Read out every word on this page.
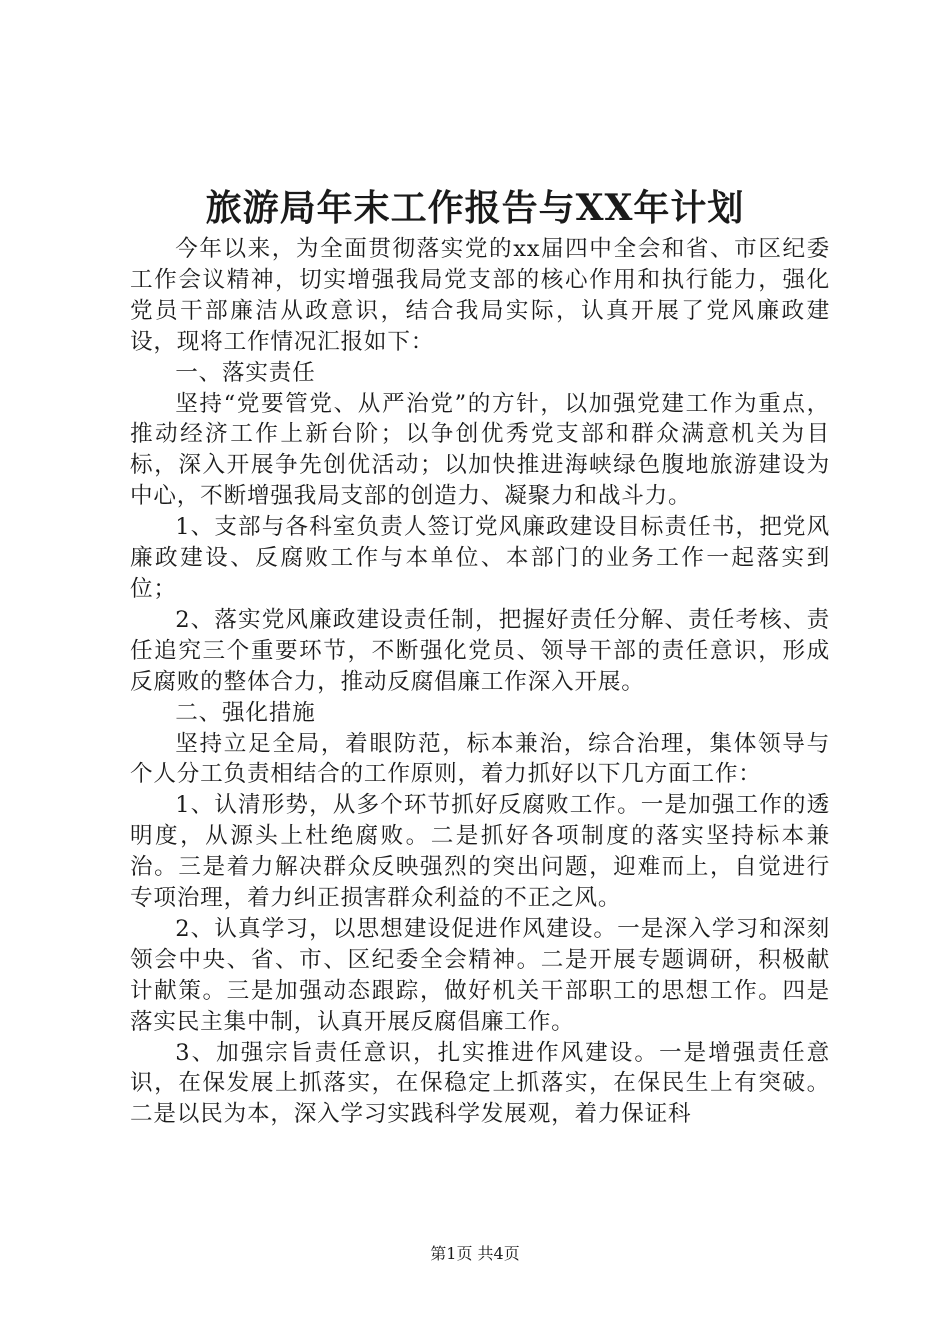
旅游局年末工作报告与XX年计划

今年以来，为全面贯彻落实党的xx届四中全会和省、市区纪委工作会议精神，切实增强我局党支部的核心作用和执行能力，强化党员干部廉洁从政意识，结合我局实际，认真开展了党风廉政建设，现将工作情况汇报如下：

一、落实责任

坚持“党要管党、从严治党”的方针，以加强党建工作为重点，推动经济工作上新台阶；以争创优秀党支部和群众满意机关为目标，深入开展争先创优活动；以加快推进海峡绿色腹地旅游建设为中心，不断增强我局支部的创造力、凝聚力和战斗力。

1、支部与各科室负责人签订党风廉政建设目标责任书，把党风廉政建设、反腐败工作与本单位、本部门的业务工作一起落实到位；

2、落实党风廉政建设责任制，把握好责任分解、责任考核、责任追究三个重要环节，不断强化党员、领导干部的责任意识，形成反腐败的整体合力，推动反腐倡廉工作深入开展。

二、强化措施

坚持立足全局，着眼防范，标本兼治，综合治理，集体领导与个人分工负责相结合的工作原则，着力抓好以下几方面工作：

1、认清形势，从多个环节抓好反腐败工作。一是加强工作的透明度，从源头上杜绝腐败。二是抓好各项制度的落实坚持标本兼治。三是着力解决群众反映强烈的突出问题，迎难而上，自觉进行专项治理，着力纠正损害群众利益的不正之风。

2、认真学习，以思想建设促进作风建设。一是深入学习和深刻领会中央、省、市、区纪委全会精神。二是开展专题调研，积极献计献策。三是加强动态跟踪，做好机关干部职工的思想工作。四是落实民主集中制，认真开展反腐倡廉工作。

3、加强宗旨责任意识，扎实推进作风建设。一是增强责任意识，在保发展上抓落实，在保稳定上抓落实，在保民生上有突破。二是以民为本，深入学习实践科学发展观，着力保证科

第1页 共4页
